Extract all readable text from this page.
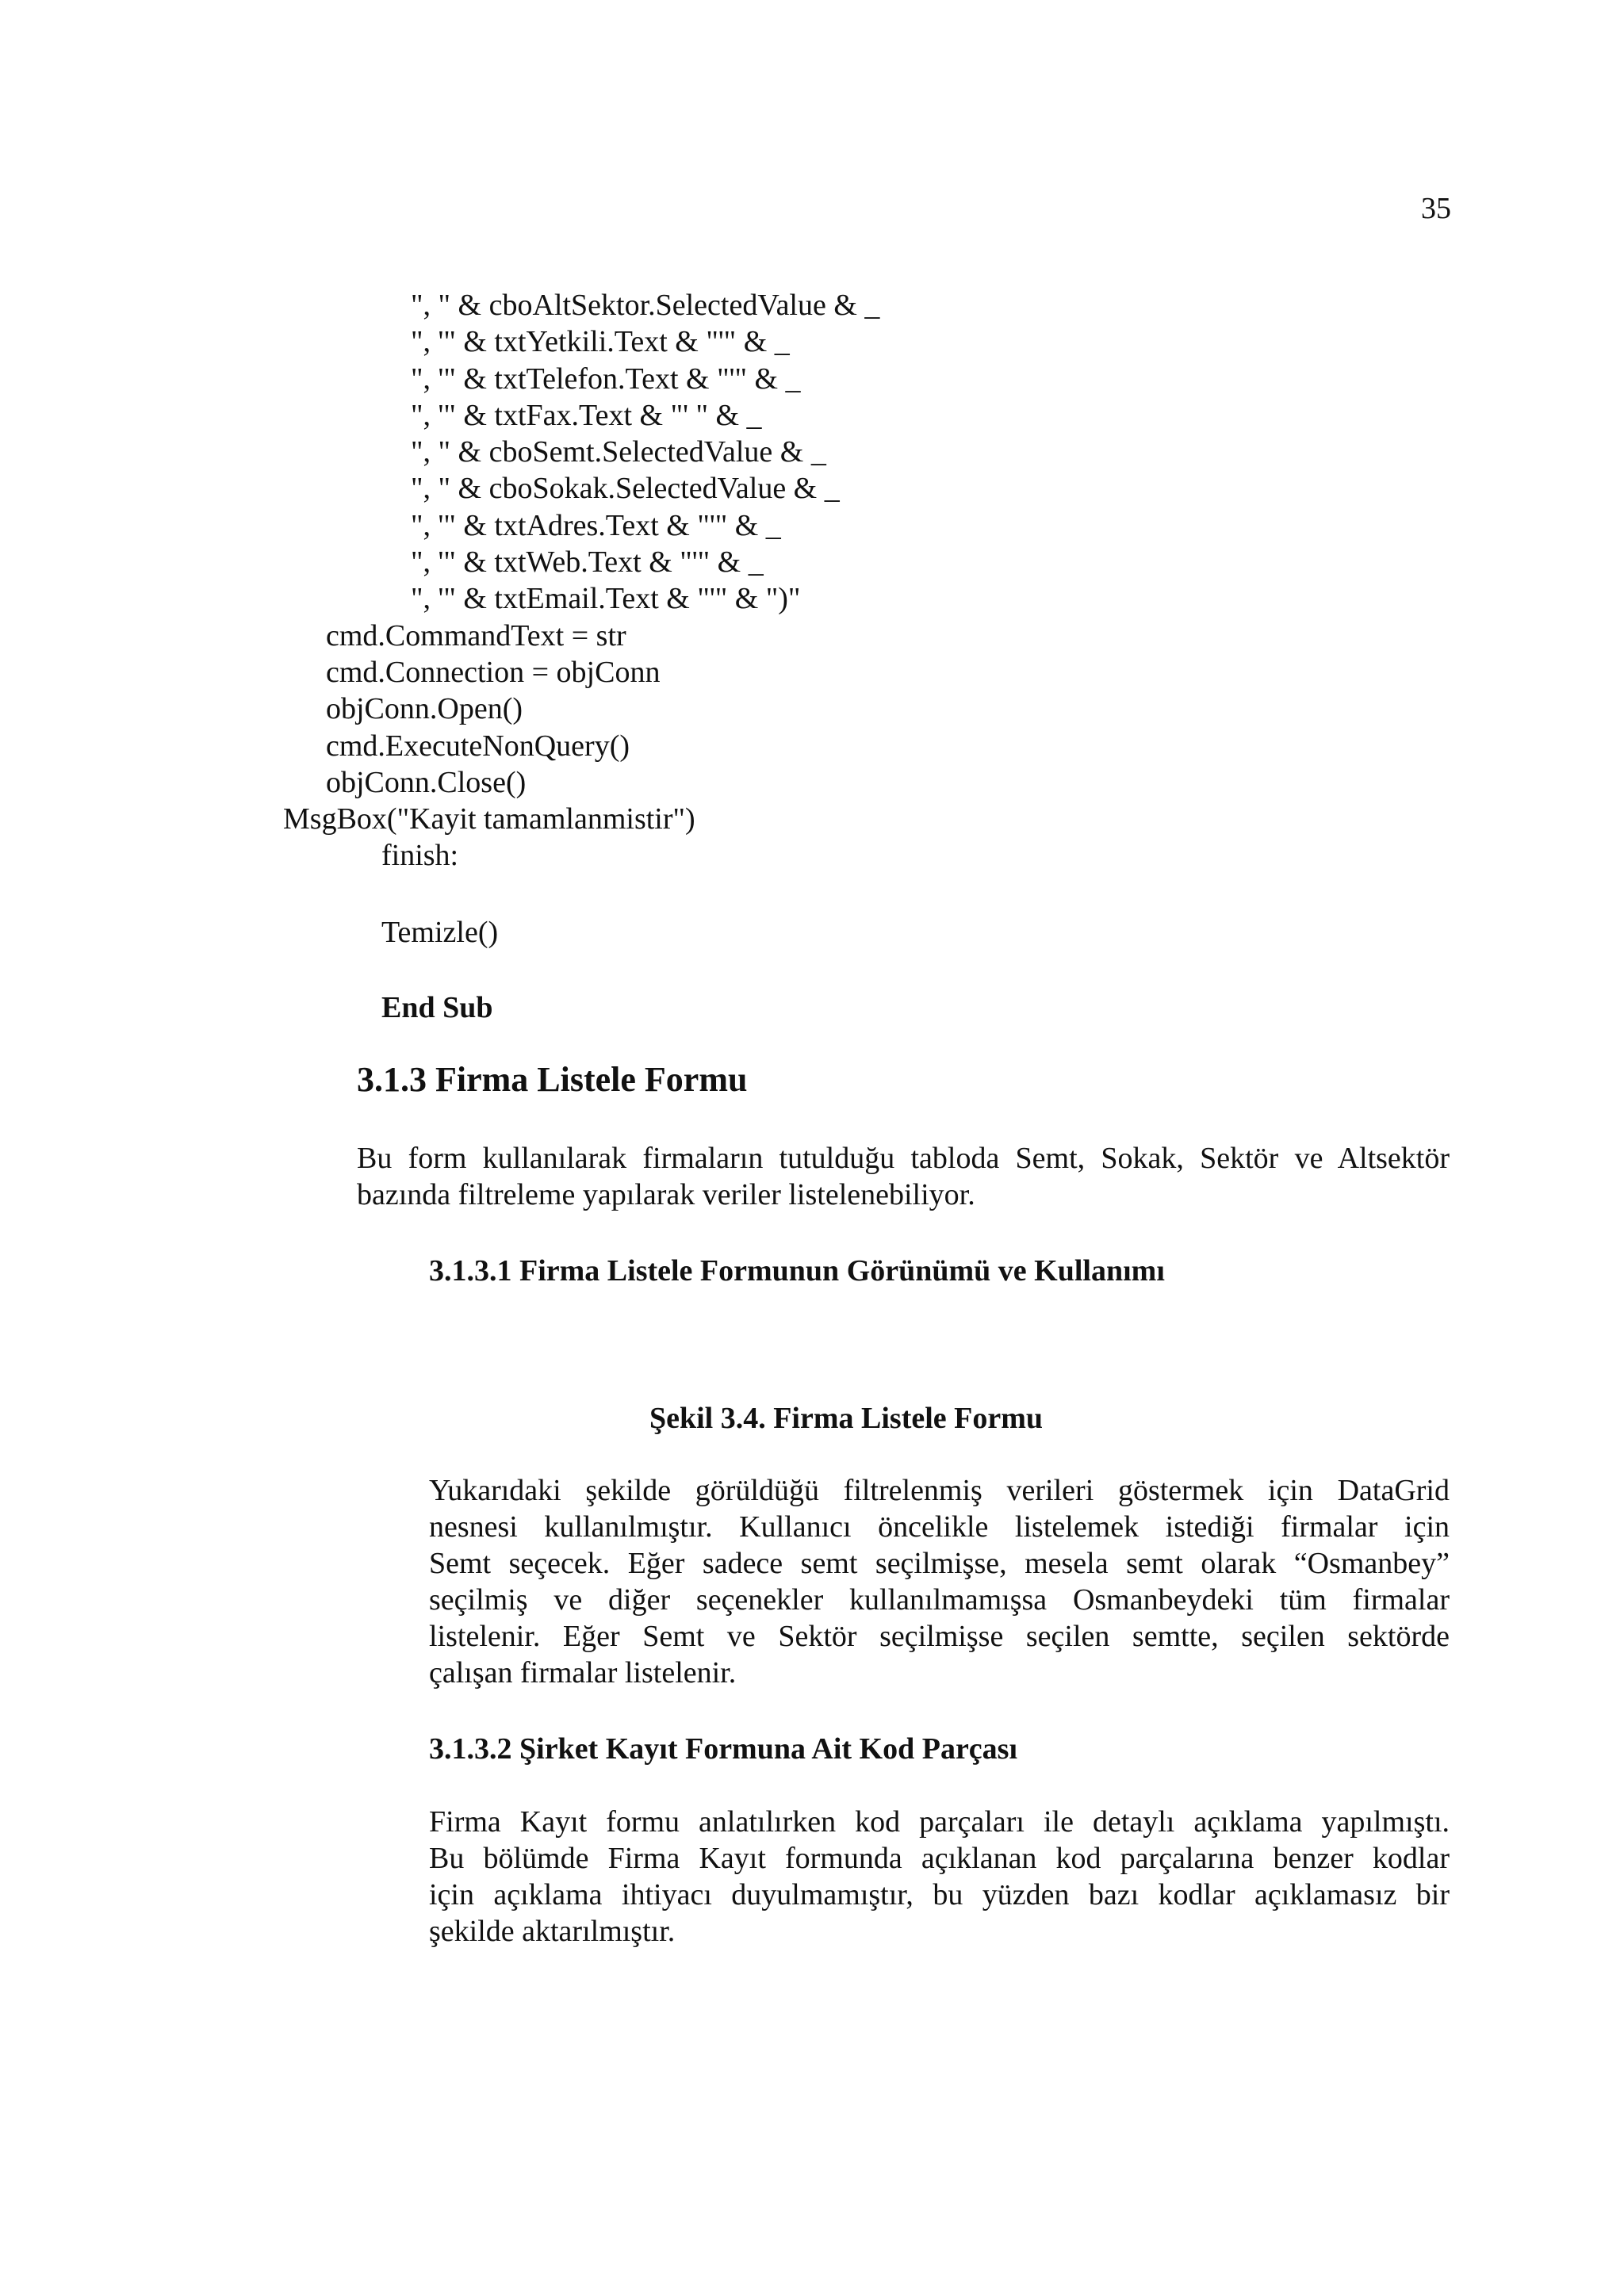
35
", " & cboAltSektor.SelectedValue & _
", '" & txtYetkili.Text & "'" & _
", '" & txtTelefon.Text & "'" & _
", '" & txtFax.Text & "' " & _
", " & cboSemt.SelectedValue & _
", " & cboSokak.SelectedValue & _
", '" & txtAdres.Text & "'" & _
", '" & txtWeb.Text & "'" & _
", '" & txtEmail.Text & "'" & ")"
cmd.CommandText = str
cmd.Connection = objConn
objConn.Open()
cmd.ExecuteNonQuery()
objConn.Close()
MsgBox("Kayit tamamlanmistir")
finish:
Temizle()
End Sub
3.1.3 Firma Listele Formu
Bu form kullanılarak firmaların tutulduğu tabloda Semt, Sokak, Sektör ve Altsektör
bazında filtreleme yapılarak veriler listelenebiliyor.
3.1.3.1 Firma Listele Formunun Görünümü ve Kullanımı
Şekil 3.4. Firma Listele Formu
Yukarıdaki şekilde görüldüğü filtrelenmiş verileri göstermek için DataGrid
nesnesi kullanılmıştır. Kullanıcı öncelikle listelemek istediği firmalar için
Semt seçecek. Eğer sadece semt seçilmişse, mesela semt olarak “Osmanbey”
seçilmiş ve diğer seçenekler kullanılmamışsa Osmanbeydeki tüm firmalar
listelenir. Eğer Semt ve Sektör seçilmişse seçilen semtte, seçilen sektörde
çalışan firmalar listelenir.
3.1.3.2 Şirket Kayıt Formuna Ait Kod Parçası
Firma Kayıt formu anlatılırken kod parçaları ile detaylı açıklama yapılmıştı.
Bu bölümde Firma Kayıt formunda açıklanan kod parçalarına benzer kodlar
için açıklama ihtiyacı duyulmamıştır, bu yüzden bazı kodlar açıklamasız bir
şekilde aktarılmıştır.
